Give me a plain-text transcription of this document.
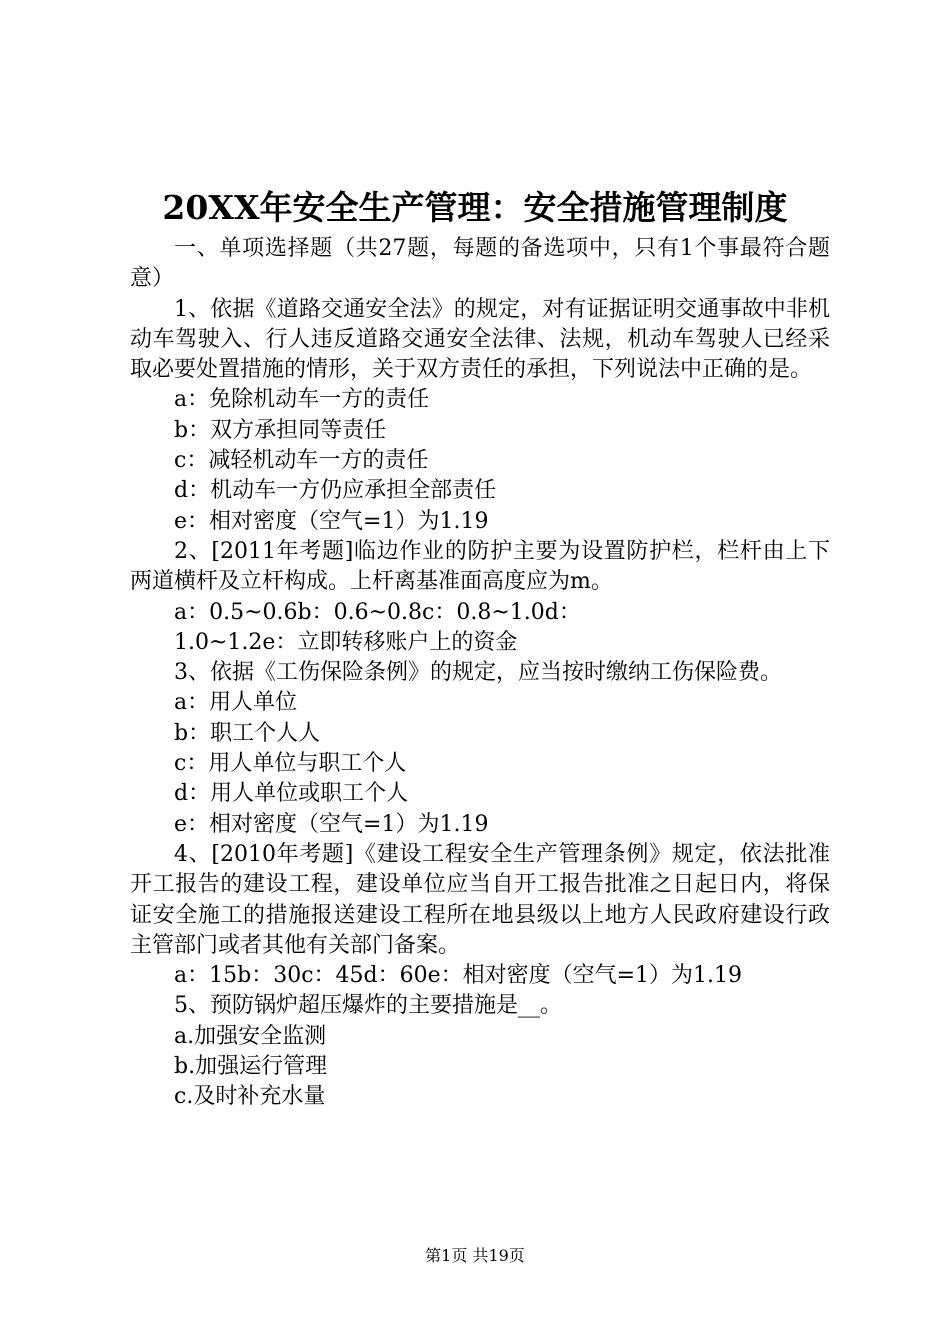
20XX年安全生产管理：安全措施管理制度

一、单项选择题（共27题，每题的备选项中，只有1个事最符合题意）

1、依据《道路交通安全法》的规定，对有证据证明交通事故中非机动车驾驶入、行人违反道路交通安全法律、法规，机动车驾驶人已经采取必要处置措施的情形，关于双方责任的承担，下列说法中正确的是。

a：免除机动车一方的责任

b：双方承担同等责任

c：减轻机动车一方的责任

d：机动车一方仍应承担全部责任

e：相对密度（空气=1）为1.19

2、[2011年考题]临边作业的防护主要为设置防护栏，栏杆由上下两道横杆及立杆构成。上杆离基准面高度应为m。

a：0.5~0.6b：0.6~0.8c：0.8~1.0d：

1.0~1.2e：立即转移账户上的资金

3、依据《工伤保险条例》的规定，应当按时缴纳工伤保险费。

a：用人单位

b：职工个人人

c：用人单位与职工个人

d：用人单位或职工个人

e：相对密度（空气=1）为1.19

4、[2010年考题]《建设工程安全生产管理条例》规定，依法批准开工报告的建设工程，建设单位应当自开工报告批准之日起日内，将保证安全施工的措施报送建设工程所在地县级以上地方人民政府建设行政主管部门或者其他有关部门备案。

a：15b：30c：45d：60e：相对密度（空气=1）为1.19

5、预防锅炉超压爆炸的主要措施是__。

a.加强安全监测

b.加强运行管理

c.及时补充水量

第1页 共19页
